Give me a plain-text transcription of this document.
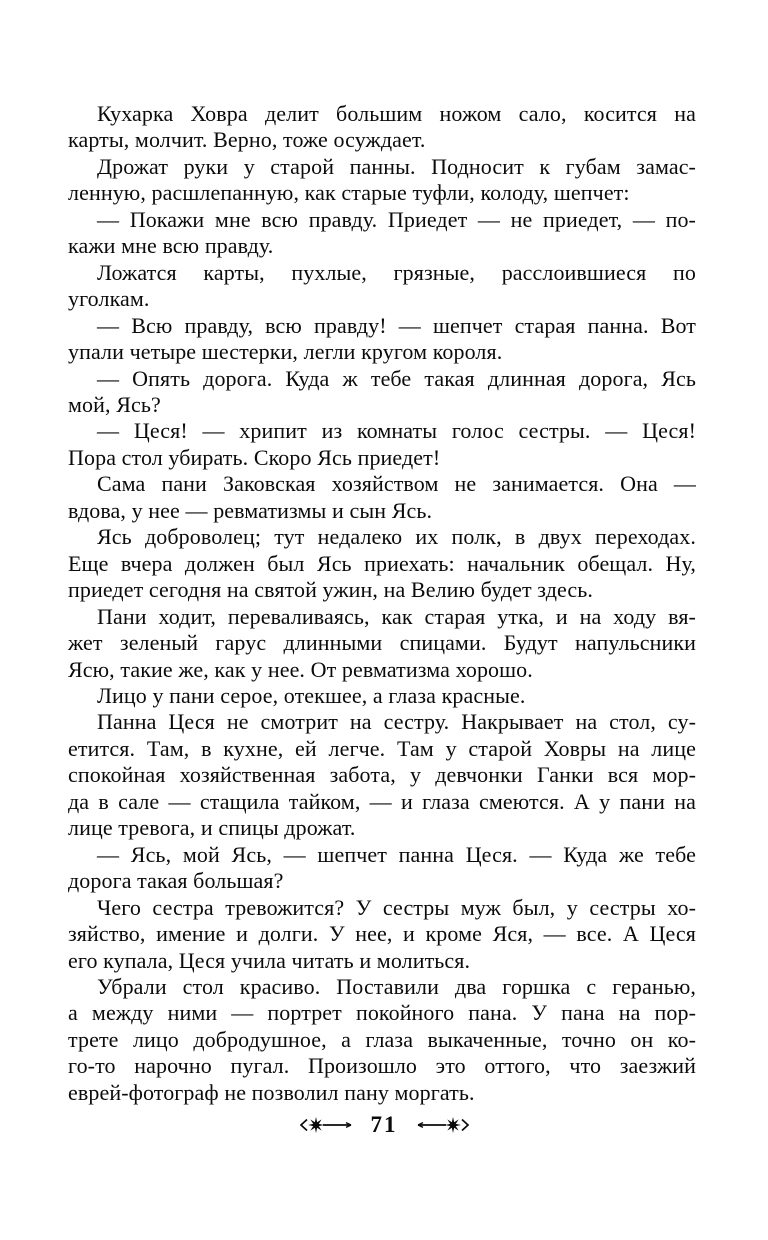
Кухарка Ховра делит большим ножом сало, косится на
карты, молчит. Верно, тоже осуждает.
Дрожат руки у старой панны. Подносит к губам замас-
ленную, расшлепанную, как старые туфли, колоду, шепчет:
— Покажи мне всю правду. Приедет — не приедет, — по-
кажи мне всю правду.
Ложатся карты, пухлые, грязные, расслоившиеся по
уголкам.
— Всю правду, всю правду! — шепчет старая панна. Вот
упали четыре шестерки, легли кругом короля.
— Опять дорога. Куда ж тебе такая длинная дорога, Ясь
мой, Ясь?
— Цеся! — хрипит из комнаты голос сестры. — Цеся!
Пора стол убирать. Скоро Ясь приедет!
Сама пани Заковская хозяйством не занимается. Она —
вдова, у нее — ревматизмы и сын Ясь.
Ясь доброволец; тут недалеко их полк, в двух переходах.
Еще вчера должен был Ясь приехать: начальник обещал. Ну,
приедет сегодня на святой ужин, на Велию будет здесь.
Пани ходит, переваливаясь, как старая утка, и на ходу вя-
жет зеленый гарус длинными спицами. Будут напульсники
Ясю, такие же, как у нее. От ревматизма хорошо.
Лицо у пани серое, отекшее, а глаза красные.
Панна Цеся не смотрит на сестру. Накрывает на стол, су-
етится. Там, в кухне, ей легче. Там у старой Ховры на лице
спокойная хозяйственная забота, у девчонки Ганки вся мор-
да в сале — стащила тайком, — и глаза смеются. А у пани на
лице тревога, и спицы дрожат.
— Ясь, мой Ясь, — шепчет панна Цеся. — Куда же тебе
дорога такая большая?
Чего сестра тревожится? У сестры муж был, у сестры хо-
зяйство, имение и долги. У нее, и кроме Яся, — все. А Цеся
его купала, Цеся учила читать и молиться.
Убрали стол красиво. Поставили два горшка с геранью,
а между ними — портрет покойного пана. У пана на пор-
трете лицо добродушное, а глаза выкаченные, точно он ко-
го-то нарочно пугал. Произошло это оттого, что заезжий
еврей-фотограф не позволил пану моргать.
71
